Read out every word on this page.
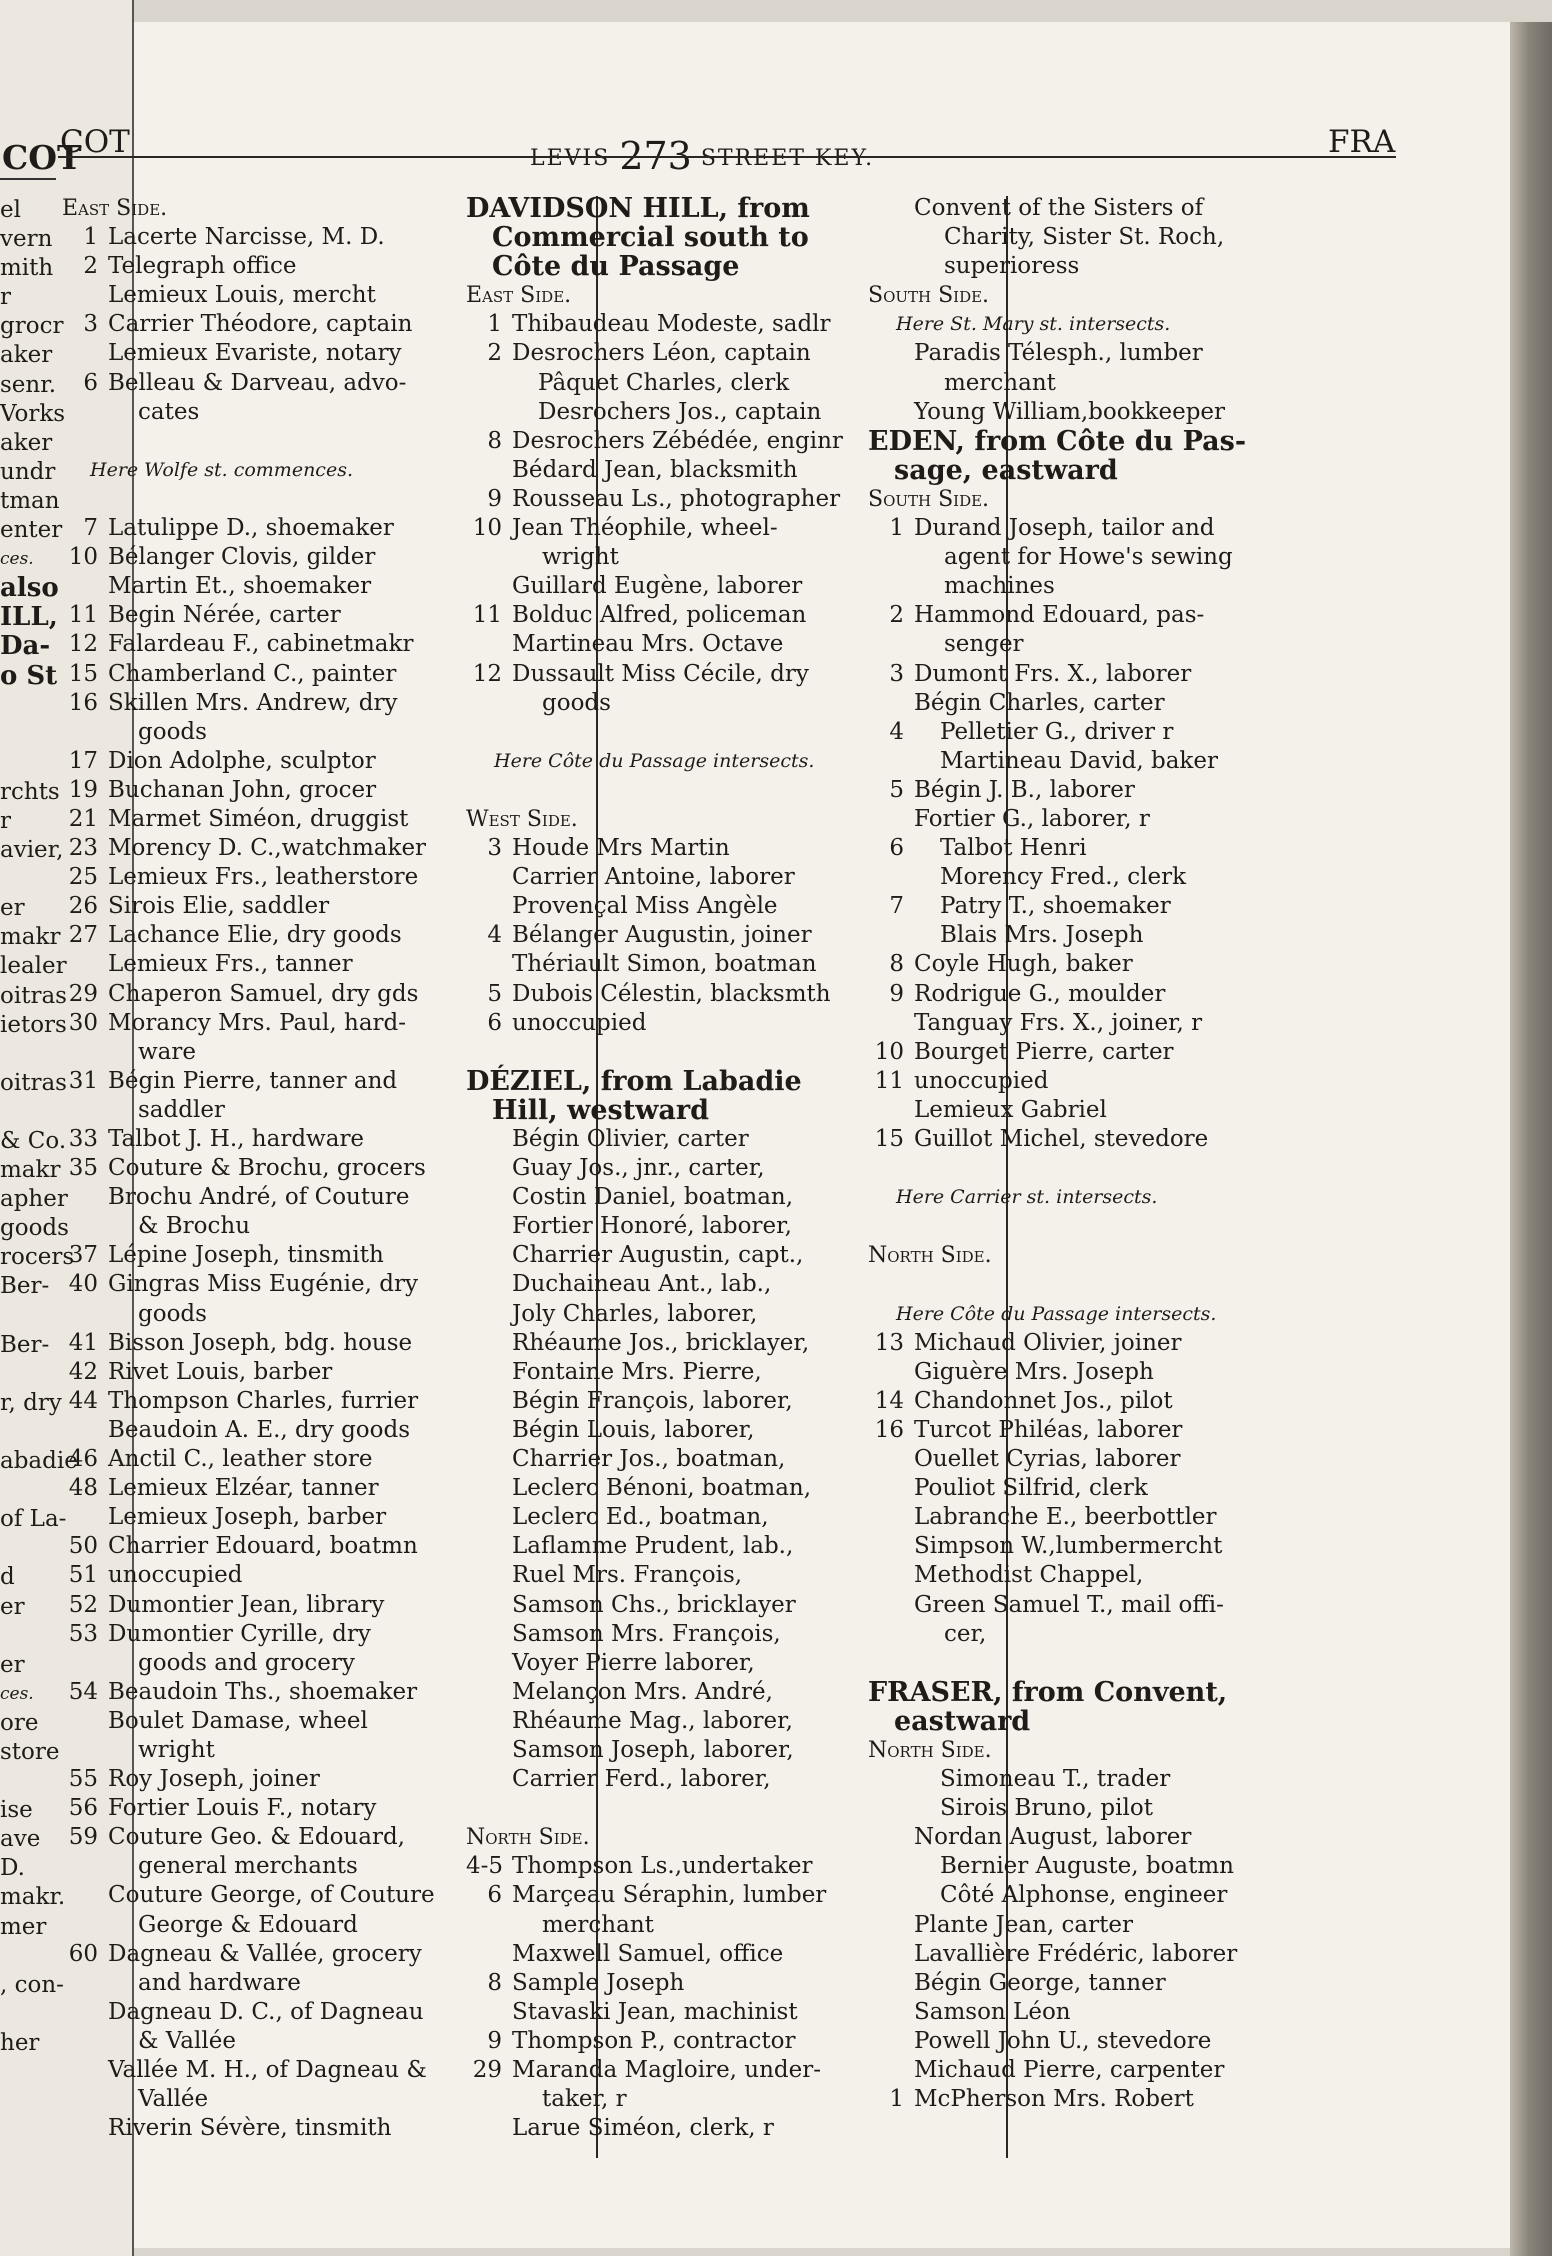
COT
el
vern
mith
r
grocr
aker
senr.
Vorks
aker
undr
tman
enter
ces.
also
ILL,
Da-
o St
rchts
r
avier,
er
makr
lealer
oitras
ietors
oitras
& Co.
makr
apher
goods
rocers
Ber-
Ber-
r, dry
abadie
of La-
d
er
er
ces.
ore
store
ise
ave
D.
makr.
mer
, con-
her
COT	LEVIS 273 STREET KEY.	FRA
East Side.
1 Lacerte Narcisse, M. D.
2 Telegraph office
Lemieux Louis, mercht
3 Carrier Théodore, captain
Lemieux Evariste, notary
6 Belleau & Darveau, advo-
cates
Here Wolfe st. commences.
7 Latulippe D., shoemaker
10 Bélanger Clovis, gilder
Martin Et., shoemaker
11 Begin Nérée, carter
12 Falardeau F., cabinetmakr
15 Chamberland C., painter
16 Skillen Mrs. Andrew, dry
goods
17 Dion Adolphe, sculptor
19 Buchanan John, grocer
21 Marmet Siméon, druggist
23 Morency D. C.,watchmaker
25 Lemieux Frs., leatherstore
26 Sirois Elie, saddler
27 Lachance Elie, dry goods
Lemieux Frs., tanner
29 Chaperon Samuel, dry gds
30 Morancy Mrs. Paul, hard-
ware
31 Bégin Pierre, tanner and
saddler
33 Talbot J. H., hardware
35 Couture & Brochu, grocers
Brochu André, of Couture
& Brochu
37 Lépine Joseph, tinsmith
40 Gingras Miss Eugénie, dry
goods
41 Bisson Joseph, bdg. house
42 Rivet Louis, barber
44 Thompson Charles, furrier
Beaudoin A. E., dry goods
46 Anctil C., leather store
48 Lemieux Elzéar, tanner
Lemieux Joseph, barber
50 Charrier Edouard, boatmn
51 unoccupied
52 Dumontier Jean, library
53 Dumontier Cyrille, dry
goods and grocery
54 Beaudoin Ths., shoemaker
Boulet Damase, wheel
wright
55 Roy Joseph, joiner
56 Fortier Louis F., notary
59 Couture Geo. & Edouard,
general merchants
Couture George, of Couture
George & Edouard
60 Dagneau & Vallée, grocery
and hardware
Dagneau D. C., of Dagneau
& Vallée
Vallée M. H., of Dagneau &
Vallée
Riverin Sévère, tinsmith
DAVIDSON HILL, from
Commercial south to
Côte du Passage
East Side.
1 Thibaudeau Modeste, sadlr
2 Desrochers Léon, captain
Pâquet Charles, clerk
Desrochers Jos., captain
8 Desrochers Zébédée, enginr
Bédard Jean, blacksmith
9 Rousseau Ls., photographer
10 Jean Théophile, wheel-
wright
Guillard Eugène, laborer
11 Bolduc Alfred, policeman
Martineau Mrs. Octave
12 Dussault Miss Cécile, dry
goods
Here Côte du Passage intersects.
West Side.
3 Houde Mrs Martin
Carrier Antoine, laborer
Provençal Miss Angèle
4 Bélanger Augustin, joiner
Thériault Simon, boatman
5 Dubois Célestin, blacksmth
6 unoccupied
DÉZIEL, from Labadie
Hill, westward
Bégin Olivier, carter
Guay Jos., jnr., carter,
Costin Daniel, boatman,
Fortier Honoré, laborer,
Charrier Augustin, capt.,
Duchaineau Ant., lab.,
Joly Charles, laborer,
Rhéaume Jos., bricklayer,
Fontaine Mrs. Pierre,
Bégin François, laborer,
Bégin Louis, laborer,
Charrier Jos., boatman,
Leclerc Bénoni, boatman,
Leclerc Ed., boatman,
Laflamme Prudent, lab.,
Ruel Mrs. François,
Samson Chs., bricklayer
Samson Mrs. François,
Voyer Pierre laborer,
Melançon Mrs. André,
Rhéaume Mag., laborer,
Samson Joseph, laborer,
Carrier Ferd., laborer,
North Side.
4-5 Thompson Ls.,undertaker
6 Marçeau Séraphin, lumber
merchant
Maxwell Samuel, office
8 Sample Joseph
Stavaski Jean, machinist
9 Thompson P., contractor
29 Maranda Magloire, under-
taker, r
Larue Siméon, clerk, r
Convent of the Sisters of
Charity, Sister St. Roch,
superioress
South Side.
Here St. Mary st. intersects.
Paradis Télesph., lumber
merchant
Young William,bookkeeper
EDEN, from Côte du Pas-
sage, eastward
South Side.
1 Durand Joseph, tailor and
agent for Howe's sewing
machines
2 Hammond Edouard, pas-
senger
3 Dumont Frs. X., laborer
Bégin Charles, carter
4 Pelletier G., driver r
Martineau David, baker
5 Bégin J. B., laborer
Fortier G., laborer, r
6 Talbot Henri
Morency Fred., clerk
7 Patry T., shoemaker
Blais Mrs. Joseph
8 Coyle Hugh, baker
9 Rodrigue G., moulder
Tanguay Frs. X., joiner, r
10 Bourget Pierre, carter
11 unoccupied
Lemieux Gabriel
15 Guillot Michel, stevedore
Here Carrier st. intersects.
North Side.
Here Côte du Passage intersects.
13 Michaud Olivier, joiner
Giguère Mrs. Joseph
14 Chandonnet Jos., pilot
16 Turcot Philéas, laborer
Ouellet Cyrias, laborer
Pouliot Silfrid, clerk
Labranche E., beerbottler
Simpson W.,lumbermercht
Methodist Chappel,
Green Samuel T., mail offi-
cer,
FRASER, from Convent,
eastward
North Side.
Simoneau T., trader
Sirois Bruno, pilot
Nordan August, laborer
Bernier Auguste, boatmn
Côté Alphonse, engineer
Plante Jean, carter
Lavallière Frédéric, laborer
Bégin George, tanner
Samson Léon
Powell John U., stevedore
Michaud Pierre, carpenter
1 McPherson Mrs. Robert
